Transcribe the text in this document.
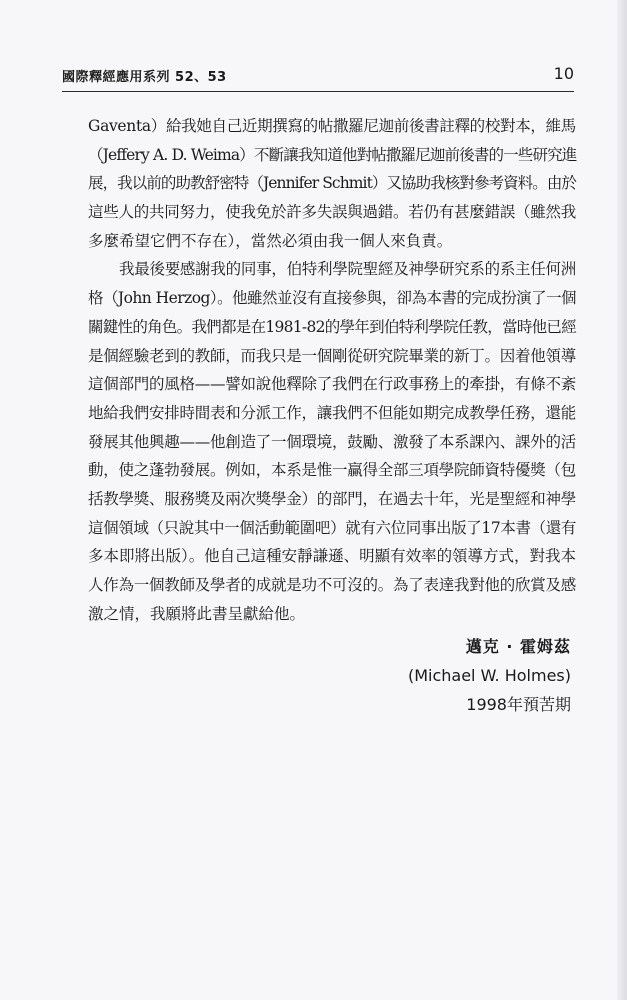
國際釋經應用系列 52、53	10
Gaventa）給我她自己近期撰寫的帖撒羅尼迦前後書註釋的校對本，維馬
（Jeffery A. D. Weima）不斷讓我知道他對帖撒羅尼迦前後書的一些研究進
展，我以前的助教舒密特（Jennifer Schmit）又協助我核對參考資料。由於
這些人的共同努力，使我免於許多失誤與過錯。若仍有甚麼錯誤（雖然我
多麼希望它們不存在），當然必須由我一個人來負責。
我最後要感謝我的同事，伯特利學院聖經及神學研究系的系主任何洲
格（John Herzog）。他雖然並沒有直接參與，卻為本書的完成扮演了一個
關鍵性的角色。我們都是在1981-82的學年到伯特利學院任教，當時他已經
是個經驗老到的教師，而我只是一個剛從研究院畢業的新丁。因着他領導
這個部門的風格——譬如說他釋除了我們在行政事務上的牽掛，有條不紊
地給我們安排時間表和分派工作，讓我們不但能如期完成教學任務，還能
發展其他興趣——他創造了一個環境，鼓勵、激發了本系課內、課外的活
動，使之蓬勃發展。例如，本系是惟一贏得全部三項學院師資特優獎（包
括教學獎、服務獎及兩次獎學金）的部門，在過去十年，光是聖經和神學
這個領域（只說其中一個活動範圍吧）就有六位同事出版了17本書（還有
多本即將出版）。他自己這種安靜謙遜、明顯有效率的領導方式，對我本
人作為一個教師及學者的成就是功不可沒的。為了表達我對他的欣賞及感
激之情，我願將此書呈獻給他。
邁克 · 霍姆茲
(Michael W. Holmes)
1998年預苦期
